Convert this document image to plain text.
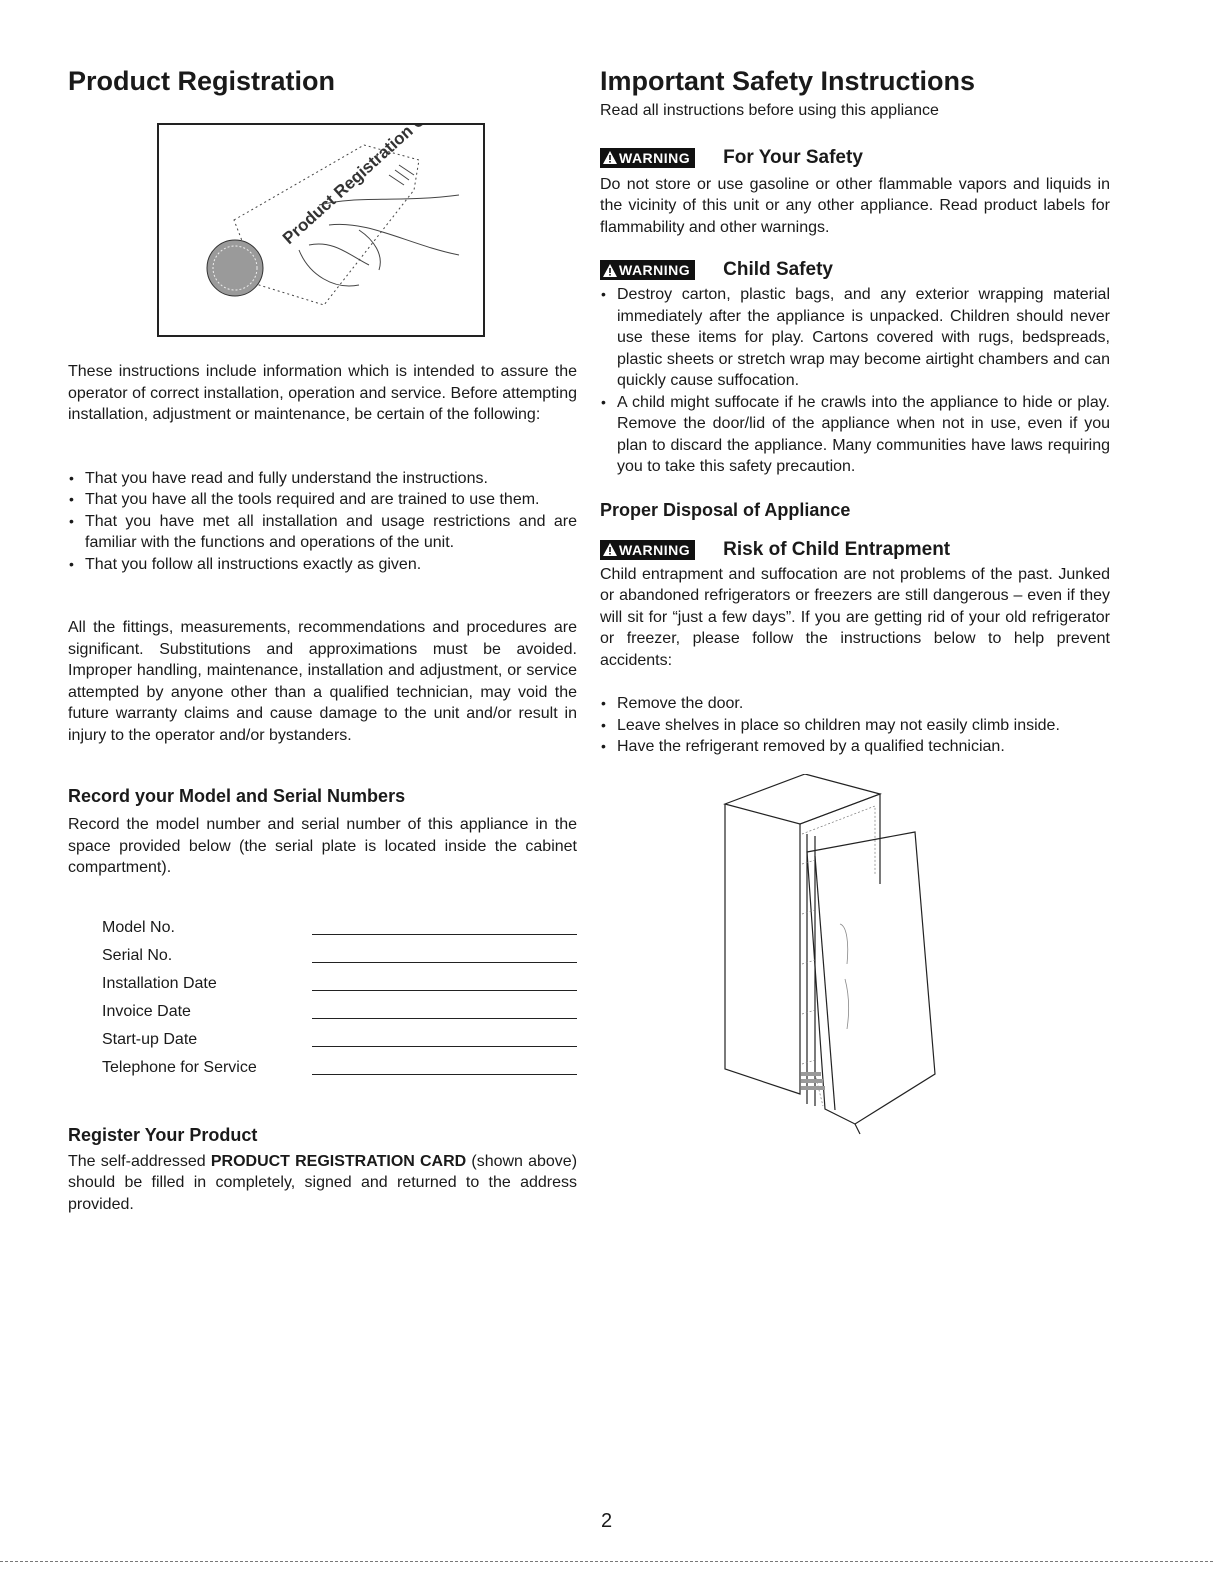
Product Registration
Product Registration Card

These instructions include information which is intended to assure the operator of correct installation, operation and service. Before attempting installation, adjustment or maintenance, be certain of the following:

• That you have read and fully understand the instructions.
• That you have all the tools required and are trained to use them.
• That you have met all installation and usage restrictions and are familiar with the functions and operations of the unit.
• That you follow all instructions exactly as given.

All the fittings, measurements, recommendations and procedures are significant. Substitutions and approximations must be avoided. Improper handling, maintenance, installation and adjustment, or service attempted by anyone other than a qualified technician, may void the future warranty claims and cause damage to the unit and/or result in injury to the operator and/or bystanders.

Record your Model and Serial Numbers

Record the model number and serial number of this appliance in the space provided below (the serial plate is located inside the cabinet compartment).

Model No.
Serial No.
Installation Date
Invoice Date
Start-up Date
Telephone for Service
Register Your Product

The self-addressed PRODUCT REGISTRATION CARD (shown above) should be filled in completely, signed and returned to the address provided.

Important Safety Instructions

Read all instructions before using this appliance

WARNING For Your Safety

Do not store or use gasoline or other flammable vapors and liquids in the vicinity of this unit or any other appliance. Read product labels for flammability and other warnings.

WARNING Child Safety
• Destroy carton, plastic bags, and any exterior wrapping material immediately after the appliance is unpacked. Children should never use these items for play. Cartons covered with rugs, bedspreads, plastic sheets or stretch wrap may become airtight chambers and can quickly cause suffocation.
• A child might suffocate if he crawls into the appliance to hide or play. Remove the door/lid of the appliance when not in use, even if you plan to discard the appliance. Many communities have laws requiring you to take this safety precaution.
Proper Disposal of Appliance
WARNING Risk of Child Entrapment

Child entrapment and suffocation are not problems of the past. Junked or abandoned refrigerators or freezers are still dangerous – even if they will sit for “just a few days”. If you are getting rid of your old refrigerator or freezer, please follow the instructions below to help prevent accidents:

• Remove the door.
• Leave shelves in place so children may not easily climb inside.
• Have the refrigerant removed by a qualified technician.
2
